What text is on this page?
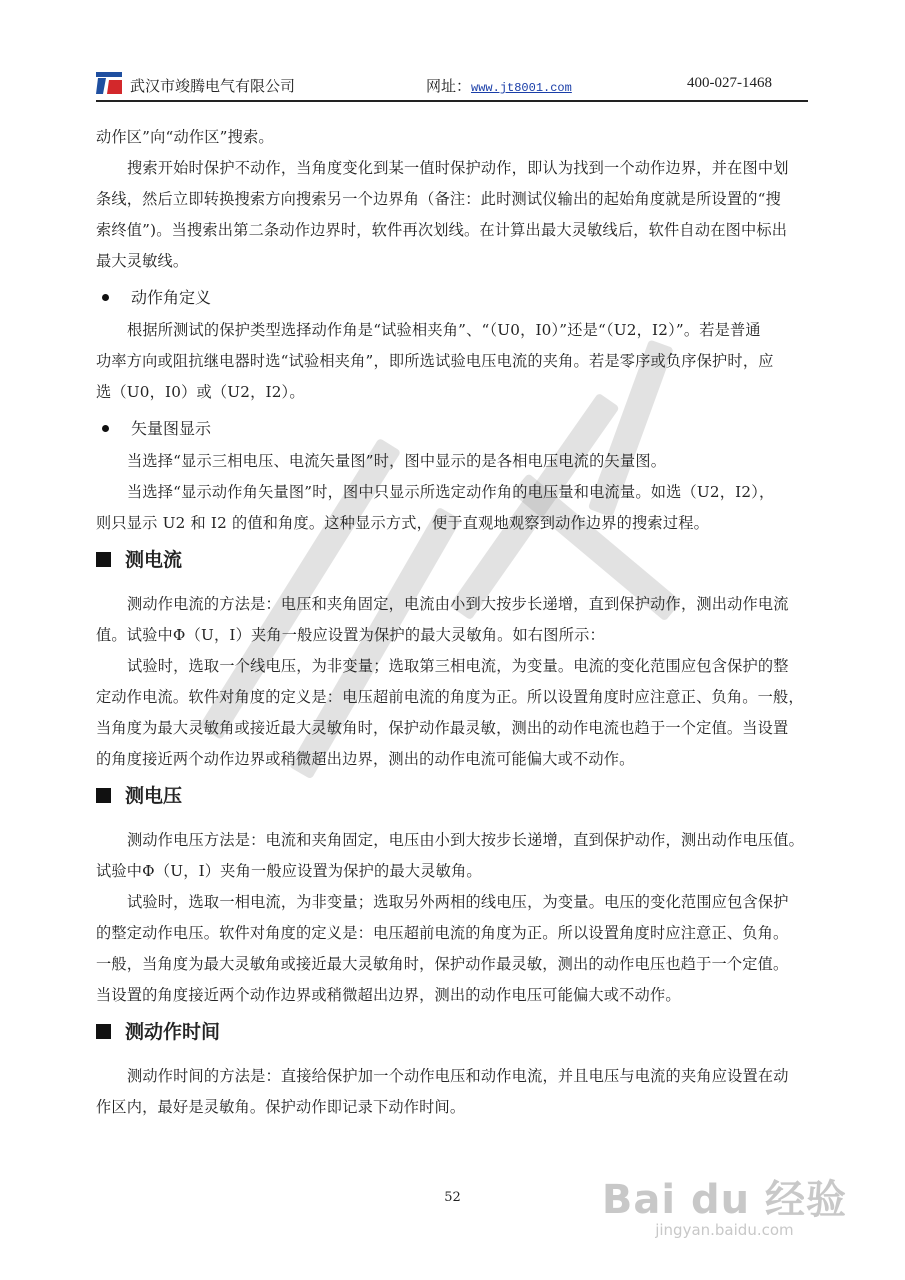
武汉市竣腾电气有限公司	网址：www.jt8001.com	400-027-1468
动作区”向“动作区”搜索。
搜索开始时保护不动作，当角度变化到某一值时保护动作，即认为找到一个动作边界，并在图中划
条线，然后立即转换搜索方向搜索另一个边界角（备注：此时测试仪输出的起始角度就是所设置的“搜
索终值”)。当搜索出第二条动作边界时，软件再次划线。在计算出最大灵敏线后，软件自动在图中标出
最大灵敏线。
动作角定义
根据所测试的保护类型选择动作角是“试验相夹角”、“（U0，I0）”还是“（U2，I2）”。若是普通
功率方向或阻抗继电器时选“试验相夹角”，即所选试验电压电流的夹角。若是零序或负序保护时，应
选（U0，I0）或（U2，I2）。
矢量图显示
当选择“显示三相电压、电流矢量图”时，图中显示的是各相电压电流的矢量图。
当选择“显示动作角矢量图”时，图中只显示所选定动作角的电压量和电流量。如选（U2，I2），
则只显示 U2 和 I2 的值和角度。这种显示方式，便于直观地观察到动作边界的搜索过程。
测电流
测动作电流的方法是：电压和夹角固定，电流由小到大按步长递增，直到保护动作，测出动作电流
值。试验中Φ（U，I）夹角一般应设置为保护的最大灵敏角。如右图所示：
试验时，选取一个线电压，为非变量；选取第三相电流，为变量。电流的变化范围应包含保护的整
定动作电流。软件对角度的定义是：电压超前电流的角度为正。所以设置角度时应注意正、负角。一般，
当角度为最大灵敏角或接近最大灵敏角时，保护动作最灵敏，测出的动作电流也趋于一个定值。当设置
的角度接近两个动作边界或稍微超出边界，测出的动作电流可能偏大或不动作。
测电压
测动作电压方法是：电流和夹角固定，电压由小到大按步长递增，直到保护动作，测出动作电压值。
试验中Φ（U，I）夹角一般应设置为保护的最大灵敏角。
试验时，选取一相电流，为非变量；选取另外两相的线电压，为变量。电压的变化范围应包含保护
的整定动作电压。软件对角度的定义是：电压超前电流的角度为正。所以设置角度时应注意正、负角。
一般，当角度为最大灵敏角或接近最大灵敏角时，保护动作最灵敏，测出的动作电压也趋于一个定值。
当设置的角度接近两个动作边界或稍微超出边界，测出的动作电压可能偏大或不动作。
测动作时间
测动作时间的方法是：直接给保护加一个动作电压和动作电流，并且电压与电流的夹角应设置在动
作区内，最好是灵敏角。保护动作即记录下动作时间。
52	Bai du 经验
jingyan.baidu.com
